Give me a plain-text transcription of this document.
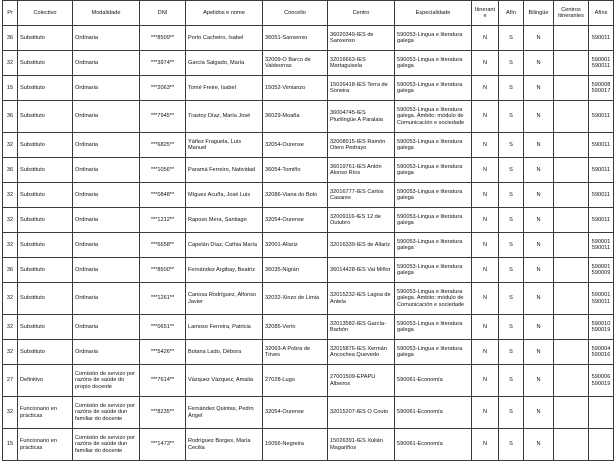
Pr	Colectivo	Modalidade	DNI	Apelidos e nome	Concello	Centro	Especialidade	Itinerante	Afín	Bilingüe	Centros itinerantes	Afíns
36	Substituto	Ordinaria	***8509**	Porto Cacheiro, Isabel	36051-Sanxenxo	36020349-IES de Sanxenxo	590053-Lingua e literatura galega	N	S	N		590011
32	Substituto	Ordinaria	***3974**	García Salgado, María	32009-O Barco de Valdeorras	32016663-IES Martaguisela	590053-Lingua e literatura galega	N	S	N		590001 590011
15	Substituto	Ordinaria	***2063**	Tomé Freire, Isabel	15052-Vimianzo	15026418-IES Terra de Soneira	590053-Lingua e literatura galega	N	S	N		590008 590017
36	Substituto	Ordinaria	***7945**	Trastoy Díaz, María José	36029-Moaña	36004745-IES Plurilingüe A Paralaia	590053-Lingua e literatura galega. Ámbito: módulo de Comunicación e sociedade	N	S	N		590011
32	Substituto	Ordinaria	***6825**	Yáñez Fraguela, Luís Manuel	32054-Ourense	32008915-IES Ramón Otero Pedrayo	590053-Lingua e literatura galega	N	S	N		590011
36	Substituto	Ordinaria	***1056**	Paramá Ferreiro, Natividad	36054-Tomiño	36019761-IES Antón Alonso Ríos	590053-Lingua e literatura galega	N	S	N		590011
32	Substituto	Ordinaria	***0848**	Míguez Acuña, José Luis	32086-Viana do Bolo	32016777-IES Carlos Casares	590053-Lingua e literatura galega	N	S	N		590011
32	Substituto	Ordinaria	***1212**	Raposo Mera, Santiago	32054-Ourense	32009116-IES 12 de Outubro	590053-Lingua e literatura galega	N	S	N		590011
32	Substituto	Ordinaria	***6658**	Capelán Díaz, Cathia María	32001-Allariz	32016339-IES de Allariz	590053-Lingua e literatura galega	N	S	N		590001 590011
36	Substituto	Ordinaria	***8500**	Fernández Argibay, Beatriz	36035-Nigrán	36014428-IES Val Miñor	590053-Lingua e literatura galega	N	S	N		590001 590009
32	Substituto	Ordinaria	***1261**	Canosa Rodríguez, Alfonso Javier	32032-Xinzo de Limia	32015232-IES Lagoa de Antela	590053-Lingua e literatura galega. Ámbito: módulo de Comunicación e sociedade	N	S	N		590001 590011
32	Substituto	Ordinaria	***0651**	Lamoso Ferreira, Patricia	32085-Verín	32013582-IES García-Barbón	590053-Lingua e literatura galega	N	S	N		590010 590019
32	Substituto	Ordinaria	***5426**	Botana Lado, Débora	32063-A Pobra de Trives	32015876-IES Xermán Ancochea Quevedo	590053-Lingua e literatura galega	N	S	N		590004 590016
27	Definitivo	Comisión de servizo por razóns de saúde do propio docente	***7614**	Vázquez Vázquez, Amalia	27028-Lugo	27001509-EPAPU Albeiros	590061-Economía	N	S	N		590006 590019
32	Funcionario en prácticas	Comisión de servizo por razóns de saúde dun familiar do docente	***8235**	Fernández Quintas, Pedro Ángel	32054-Ourense	32015207-IES O Couto	590061-Economía	N	S	N		
15	Funcionario en prácticas	Comisión de servizo por razóns de saúde dun familiar do docente	***1473**	Rodríguez Borges, María Cecilia	15056-Negreira	15026391-IES Xulián Magariños	590061-Economía	N	S	N		
